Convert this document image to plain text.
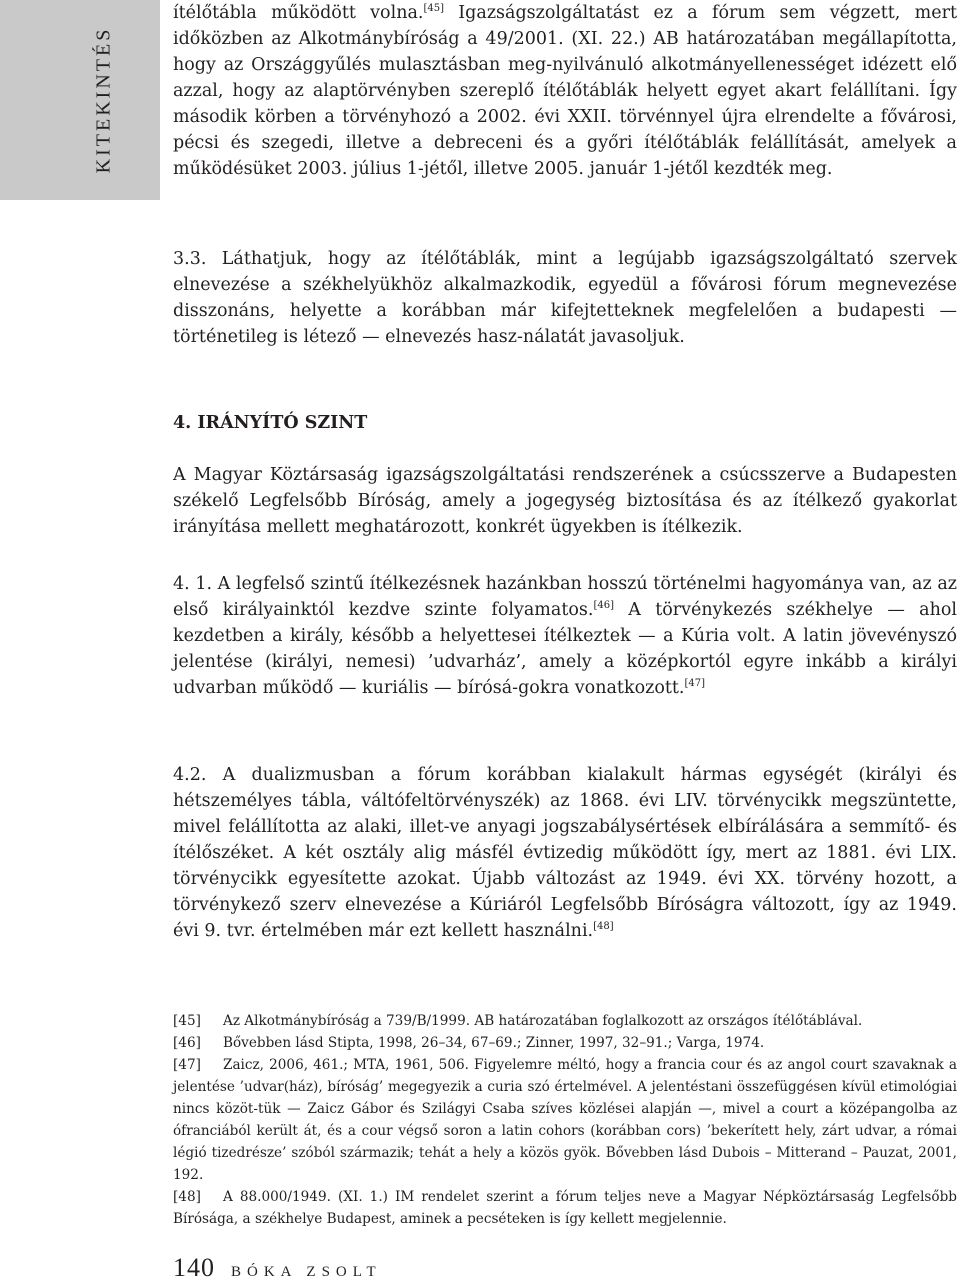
KITEKINTÉS

ítélőtábla működött volna.[45] Igazságszolgáltatást ez a fórum sem végzett, mert időközben az Alkotmánybíróság a 49/2001. (XI. 22.) AB határozatában megállapította, hogy az Országgyűlés mulasztásban meg-nyilvánuló alkotmányellenességet idézett elő azzal, hogy az alaptörvényben szereplő ítélőtáblák helyett egyet akart felállítani. Így második körben a törvényhozó a 2002. évi XXII. törvénnyel újra elrendelte a fővárosi, pécsi és szegedi, illetve a debreceni és a győri ítélőtáblák felállítását, amelyek a működésüket 2003. július 1-jétől, illetve 2005. január 1-jétől kezdték meg.

3.3. Láthatjuk, hogy az ítélőtáblák, mint a legújabb igazságszolgáltató szervek elnevezése a székhelyükhöz alkalmazkodik, egyedül a fővárosi fórum megnevezése disszonáns, helyette a korábban már kifejtetteknek megfelelően a budapesti — történetileg is létező — elnevezés hasz-nálatát javasoljuk.

4. IRÁNYÍTÓ SZINT

A Magyar Köztársaság igazságszolgáltatási rendszerének a csúcsszerve a Budapesten székelő Legfelsőbb Bíróság, amely a jogegység biztosítása és az ítélkező gyakorlat irányítása mellett meghatározott, konkrét ügyekben is ítélkezik.

4. 1. A legfelső szintű ítélkezésnek hazánkban hosszú történelmi hagyománya van, az az első királyainktól kezdve szinte folyamatos.[46] A törvénykezés székhelye — ahol kezdetben a király, később a helyettesei ítélkeztek — a Kúria volt. A latin jövevényszó jelentése (királyi, nemesi) ’udvarház’, amely a középkortól egyre inkább a királyi udvarban működő — kuriális — bírósá-gokra vonatkozott.[47]

4.2. A dualizmusban a fórum korábban kialakult hármas egységét (királyi és hétszemélyes tábla, váltófeltörvényszék) az 1868. évi LIV. törvénycikk megszüntette, mivel felállította az alaki, illet-ve anyagi jogszabálysértések elbírálására a semmítő- és ítélőszéket. A két osztály alig másfél évtizedig működött így, mert az 1881. évi LIX. törvénycikk egyesítette azokat. Újabb változást az 1949. évi XX. törvény hozott, a törvénykező szerv elnevezése a Kúriáról Legfelsőbb Bíróságra változott, így az 1949. évi 9. tvr. értelmében már ezt kellett használni.[48]

[45] Az Alkotmánybíróság a 739/B/1999. AB határozatában foglalkozott az országos ítélőtáblával.

[46] Bővebben lásd Stipta, 1998, 26–34, 67–69.; Zinner, 1997, 32–91.; Varga, 1974.

[47] Zaicz, 2006, 461.; MTA, 1961, 506. Figyelemre méltó, hogy a francia cour és az angol court szavaknak a jelentése ’udvar(ház), bíróság’ megegyezik a curia szó értelmével. A jelentéstani összefüggésen kívül etimológiai nincs közöt-tük — Zaicz Gábor és Szilágyi Csaba szíves közlései alapján —, mivel a court a középangolba az ófranciából került át, és a cour végső soron a latin cohors (korábban cors) ’bekerített hely, zárt udvar, a római légió tizedrésze’ szóból származik; tehát a hely a közös gyök. Bővebben lásd Dubois – Mitterand – Pauzat, 2001, 192.

[48] A 88.000/1949. (XI. 1.) IM rendelet szerint a fórum teljes neve a Magyar Népköztársaság Legfelsőbb Bírósága, a székhelye Budapest, aminek a pecséteken is így kellett megjelennie.

140 BÓKA ZSOLT
